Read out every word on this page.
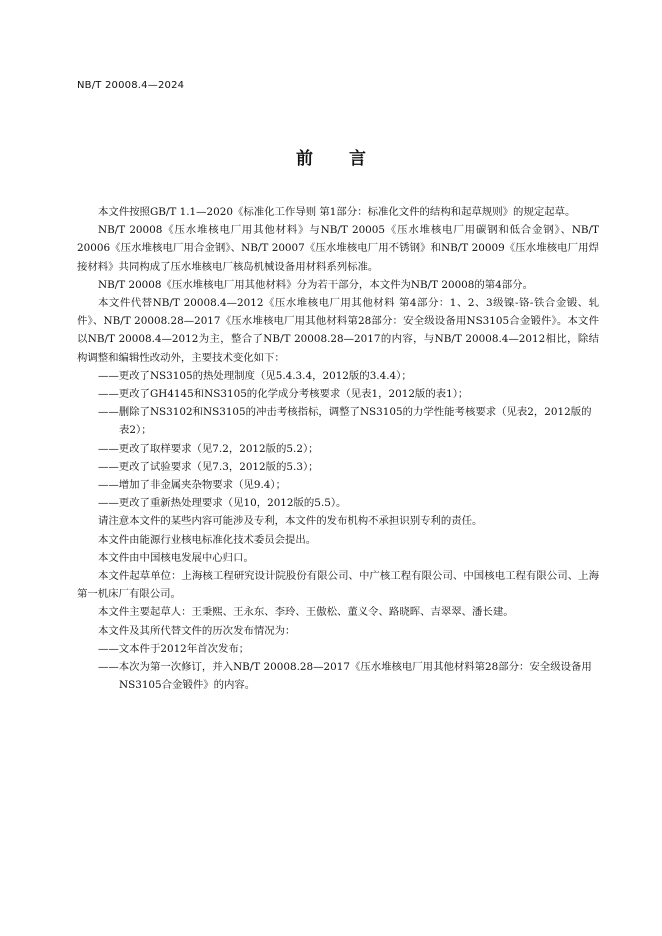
NB/T 20008.4—2024
前 言

本文件按照GB/T 1.1—2020《标准化工作导则 第1部分：标准化文件的结构和起草规则》的规定起草。

NB/T 20008《压水堆核电厂用其他材料》与NB/T 20005《压水堆核电厂用碳钢和低合金钢》、NB/T 20006《压水堆核电厂用合金钢》、NB/T 20007《压水堆核电厂用不锈钢》和NB/T 20009《压水堆核电厂用焊接材料》共同构成了压水堆核电厂核岛机械设备用材料系列标准。

NB/T 20008《压水堆核电厂用其他材料》分为若干部分，本文件为NB/T 20008的第4部分。

本文件代替NB/T 20008.4—2012《压水堆核电厂用其他材料 第4部分：1、2、3级镍-铬-铁合金锻、轧件》、NB/T 20008.28—2017《压水堆核电厂用其他材料第28部分：安全级设备用NS3105合金锻件》。本文件以NB/T 20008.4—2012为主，整合了NB/T 20008.28—2017的内容，与NB/T 20008.4—2012相比，除结构调整和编辑性改动外，主要技术变化如下：

——更改了NS3105的热处理制度（见5.4.3.4，2012版的3.4.4）；

——更改了GH4145和NS3105的化学成分考核要求（见表1，2012版的表1）；

——删除了NS3102和NS3105的冲击考核指标，调整了NS3105的力学性能考核要求（见表2，2012版的表2）；

——更改了取样要求（见7.2，2012版的5.2）；

——更改了试验要求（见7.3，2012版的5.3）；

——增加了非金属夹杂物要求（见9.4）；

——更改了重新热处理要求（见10，2012版的5.5）。

请注意本文件的某些内容可能涉及专利，本文件的发布机构不承担识别专利的责任。

本文件由能源行业核电标准化技术委员会提出。

本文件由中国核电发展中心归口。

本文件起草单位：上海核工程研究设计院股份有限公司、中广核工程有限公司、中国核电工程有限公司、上海第一机床厂有限公司。

本文件主要起草人：王秉熙、王永东、李玲、王傲松、董义令、路晓晖、吉翠翠、潘长建。

本文件及其所代替文件的历次发布情况为：

——文本件于2012年首次发布；

——本次为第一次修订，并入NB/T 20008.28—2017《压水堆核电厂用其他材料第28部分：安全级设备用NS3105合金锻件》的内容。
